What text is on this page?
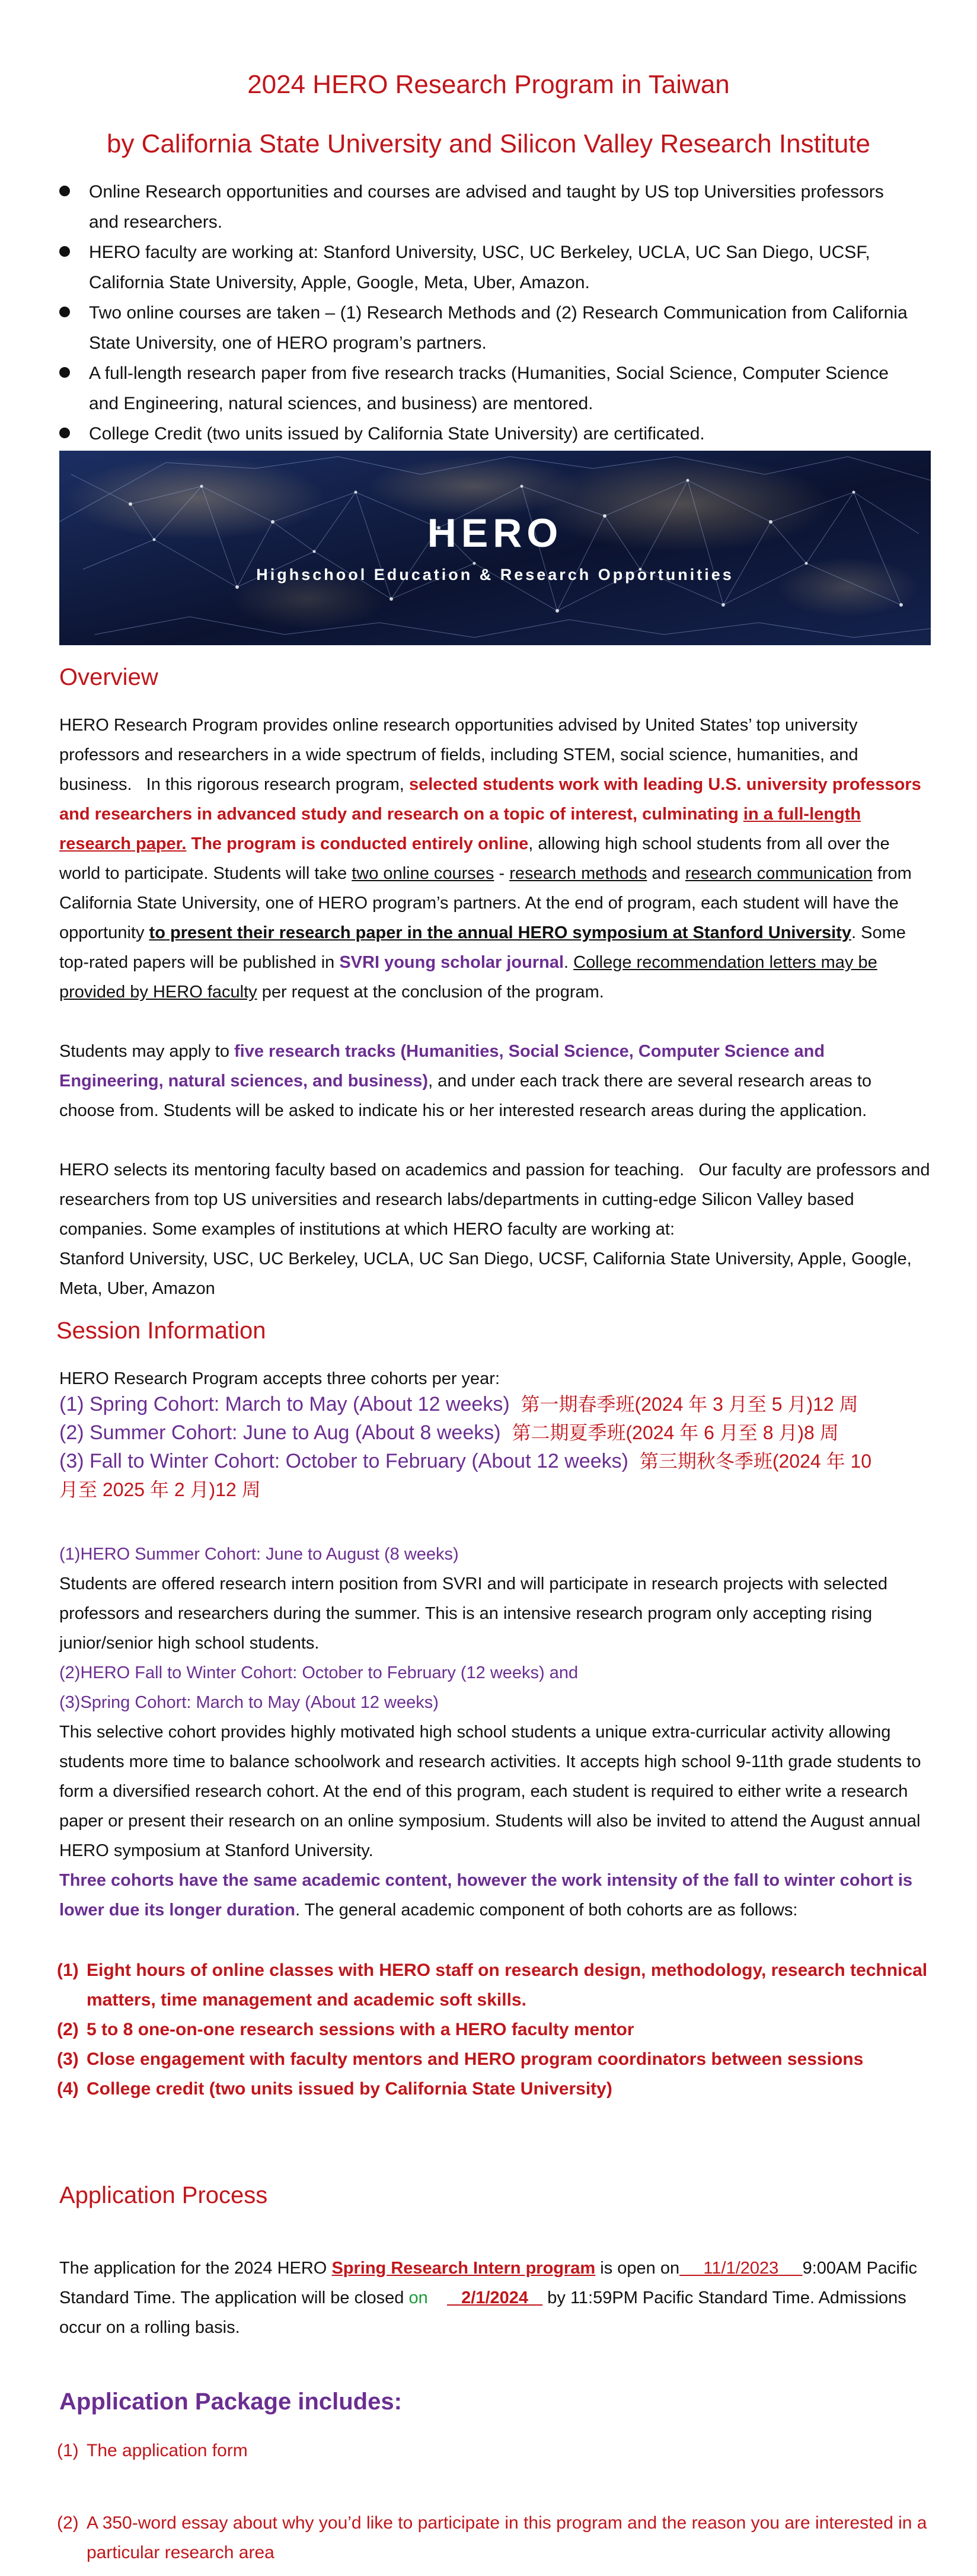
2024 HERO Research Program in Taiwan
by California State University and Silicon Valley Research Institute
Online Research opportunities and courses are advised and taught by US top Universities professors
and researchers.
HERO faculty are working at: Stanford University, USC, UC Berkeley, UCLA, UC San Diego, UCSF,
California State University, Apple, Google, Meta, Uber, Amazon.
Two online courses are taken – (1) Research Methods and (2) Research Communication from California
State University, one of HERO program’s partners.
A full-length research paper from five research tracks (Humanities, Social Science, Computer Science
and Engineering, natural sciences, and business) are mentored.
College Credit (two units issued by California State University) are certificated.
HERO
Highschool Education & Research Opportunities
Overview

HERO Research Program provides online research opportunities advised by United States’ top university professors and researchers in a wide spectrum of fields, including STEM, social science, humanities, and business.   In this rigorous research program, selected students work with leading U.S. university professors and researchers in advanced study and research on a topic of interest, culminating in a full-length research paper. The program is conducted entirely online, allowing high school students from all over the world to participate. Students will take two online courses - research methods and research communication from California State University, one of HERO program’s partners. At the end of program, each student will have the opportunity to present their research paper in the annual HERO symposium at Stanford University. Some top-rated papers will be published in SVRI young scholar journal. College recommendation letters may be provided by HERO faculty per request at the conclusion of the program.

Students may apply to five research tracks (Humanities, Social Science, Computer Science and Engineering, natural sciences, and business), and under each track there are several research areas to choose from. Students will be asked to indicate his or her interested research areas during the application.

HERO selects its mentoring faculty based on academics and passion for teaching.   Our faculty are professors and researchers from top US universities and research labs/departments in cutting-edge Silicon Valley based companies. Some examples of institutions at which HERO faculty are working at:
Stanford University, USC, UC Berkeley, UCLA, UC San Diego, UCSF, California State University, Apple, Google, Meta, Uber, Amazon

Session Information
HERO Research Program accepts three cohorts per year:
(1) Spring Cohort: March to May (About 12 weeks) 第一期春季班(2024 年 3 月至 5 月)12 周
(2) Summer Cohort: June to Aug (About 8 weeks) 第二期夏季班(2024 年 6 月至 8 月)8 周
(3) Fall to Winter Cohort: October to February (About 12 weeks) 第三期秋冬季班(2024 年 10
月至 2025 年 2 月)12 周
(1)HERO Summer Cohort: June to August (8 weeks)
Students are offered research intern position from SVRI and will participate in research projects with selected professors and researchers during the summer. This is an intensive research program only accepting rising junior/senior high school students.
(2)HERO Fall to Winter Cohort: October to February (12 weeks) and
(3)Spring Cohort: March to May (About 12 weeks)
This selective cohort provides highly motivated high school students a unique extra-curricular activity allowing students more time to balance schoolwork and research activities. It accepts high school 9-11th grade students to form a diversified research cohort. At the end of this program, each student is required to either write a research paper or present their research on an online symposium. Students will also be invited to attend the August annual HERO symposium at Stanford University.
Three cohorts have the same academic content, however the work intensity of the fall to winter cohort is lower due its longer duration. The general academic component of both cohorts are as follows:
(1) Eight hours of online classes with HERO staff on research design, methodology, research technical matters, time management and academic soft skills.
(2) 5 to 8 one-on-one research sessions with a HERO faculty mentor
(3) Close engagement with faculty mentors and HERO program coordinators between sessions
(4) College credit (two units issued by California State University)
Application Process

The application for the 2024 HERO Spring Research Intern program is open on 11/1/2023 9:00AM Pacific Standard Time. The application will be closed on 2/1/2024    by 11:59PM Pacific Standard Time. Admissions occur on a rolling basis.

Application Package includes:
(1) The application form
(2) A 350-word essay about why you’d like to participate in this program and the reason you are interested in a particular research area
